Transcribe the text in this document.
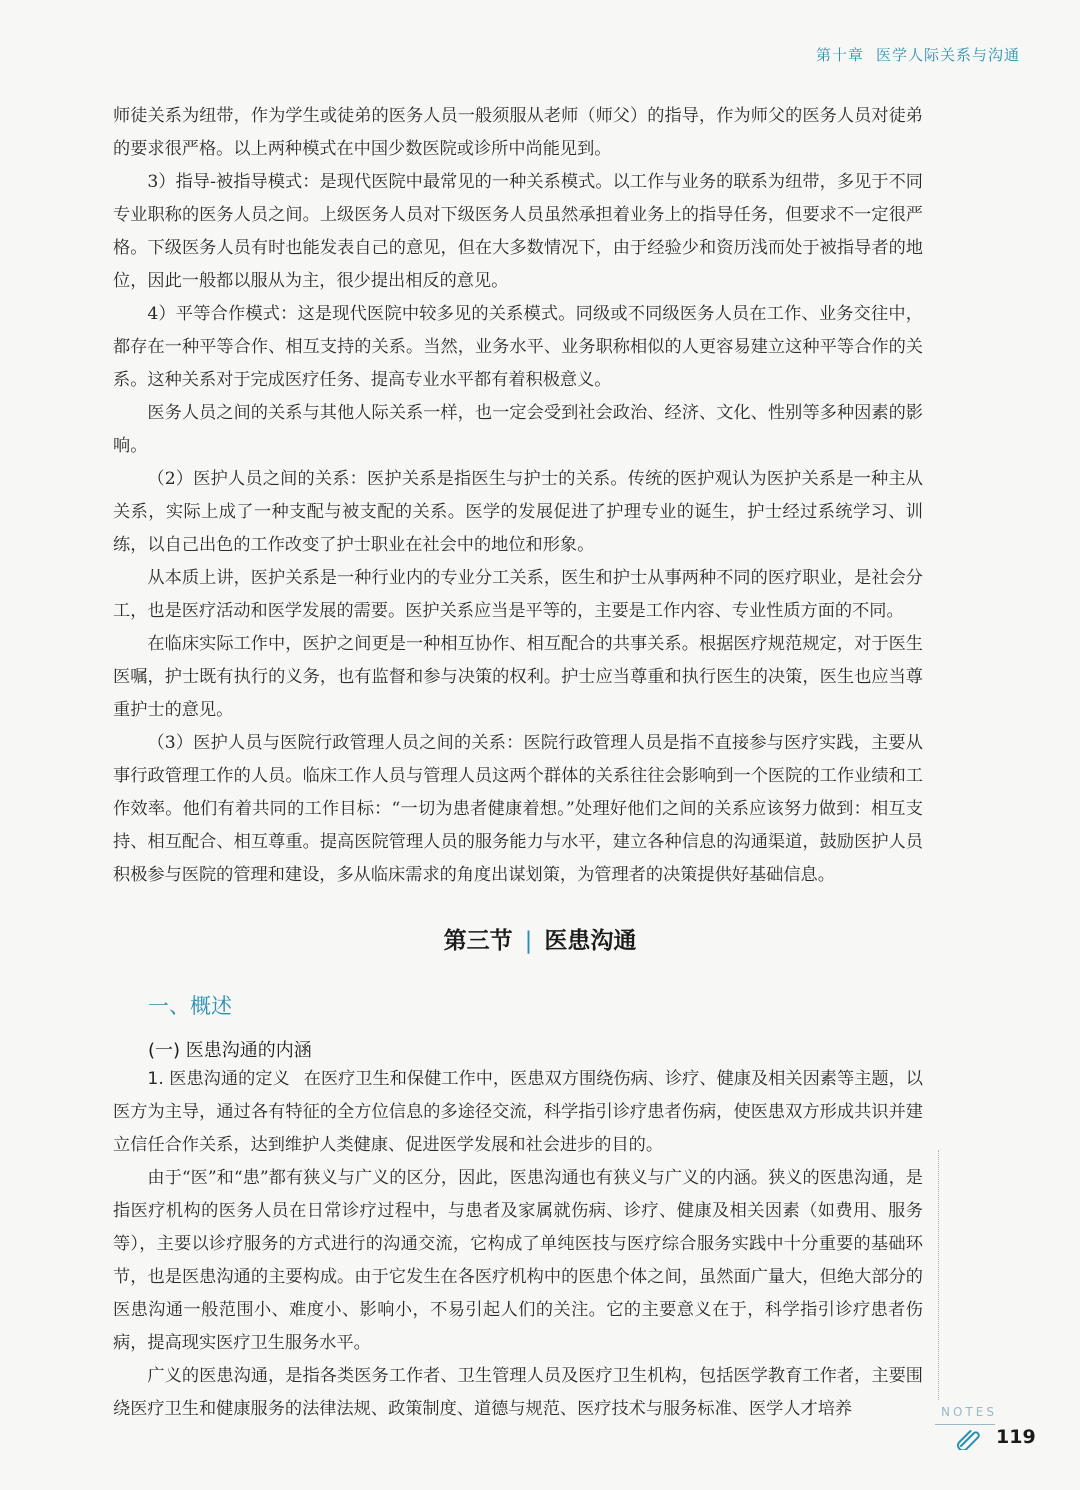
第十章 医学人际关系与沟通

师徒关系为纽带，作为学生或徒弟的医务人员一般须服从老师（师父）的指导，作为师父的医务人员对徒弟的要求很严格。以上两种模式在中国少数医院或诊所中尚能见到。

3）指导-被指导模式：是现代医院中最常见的一种关系模式。以工作与业务的联系为纽带，多见于不同专业职称的医务人员之间。上级医务人员对下级医务人员虽然承担着业务上的指导任务，但要求不一定很严格。下级医务人员有时也能发表自己的意见，但在大多数情况下，由于经验少和资历浅而处于被指导者的地位，因此一般都以服从为主，很少提出相反的意见。

4）平等合作模式：这是现代医院中较多见的关系模式。同级或不同级医务人员在工作、业务交往中，都存在一种平等合作、相互支持的关系。当然，业务水平、业务职称相似的人更容易建立这种平等合作的关系。这种关系对于完成医疗任务、提高专业水平都有着积极意义。

医务人员之间的关系与其他人际关系一样，也一定会受到社会政治、经济、文化、性别等多种因素的影响。

（2）医护人员之间的关系：医护关系是指医生与护士的关系。传统的医护观认为医护关系是一种主从关系，实际上成了一种支配与被支配的关系。医学的发展促进了护理专业的诞生，护士经过系统学习、训练，以自己出色的工作改变了护士职业在社会中的地位和形象。

从本质上讲，医护关系是一种行业内的专业分工关系，医生和护士从事两种不同的医疗职业，是社会分工，也是医疗活动和医学发展的需要。医护关系应当是平等的，主要是工作内容、专业性质方面的不同。

在临床实际工作中，医护之间更是一种相互协作、相互配合的共事关系。根据医疗规范规定，对于医生医嘱，护士既有执行的义务，也有监督和参与决策的权利。护士应当尊重和执行医生的决策，医生也应当尊重护士的意见。

（3）医护人员与医院行政管理人员之间的关系：医院行政管理人员是指不直接参与医疗实践，主要从事行政管理工作的人员。临床工作人员与管理人员这两个群体的关系往往会影响到一个医院的工作业绩和工作效率。他们有着共同的工作目标：“一切为患者健康着想。”处理好他们之间的关系应该努力做到：相互支持、相互配合、相互尊重。提高医院管理人员的服务能力与水平，建立各种信息的沟通渠道，鼓励医护人员积极参与医院的管理和建设，多从临床需求的角度出谋划策，为管理者的决策提供好基础信息。

第三节 | 医患沟通
一、概述
(一) 医患沟通的内涵

1. 医患沟通的定义 在医疗卫生和保健工作中，医患双方围绕伤病、诊疗、健康及相关因素等主题，以医方为主导，通过各有特征的全方位信息的多途径交流，科学指引诊疗患者伤病，使医患双方形成共识并建立信任合作关系，达到维护人类健康、促进医学发展和社会进步的目的。

由于“医”和“患”都有狭义与广义的区分，因此，医患沟通也有狭义与广义的内涵。狭义的医患沟通，是指医疗机构的医务人员在日常诊疗过程中，与患者及家属就伤病、诊疗、健康及相关因素（如费用、服务等），主要以诊疗服务的方式进行的沟通交流，它构成了单纯医技与医疗综合服务实践中十分重要的基础环节，也是医患沟通的主要构成。由于它发生在各医疗机构中的医患个体之间，虽然面广量大，但绝大部分的医患沟通一般范围小、难度小、影响小，不易引起人们的关注。它的主要意义在于，科学指引诊疗患者伤病，提高现实医疗卫生服务水平。

广义的医患沟通，是指各类医务工作者、卫生管理人员及医疗卫生机构，包括医学教育工作者，主要围绕医疗卫生和健康服务的法律法规、政策制度、道德与规范、医疗技术与服务标准、医学人才培养	NOTES
119
